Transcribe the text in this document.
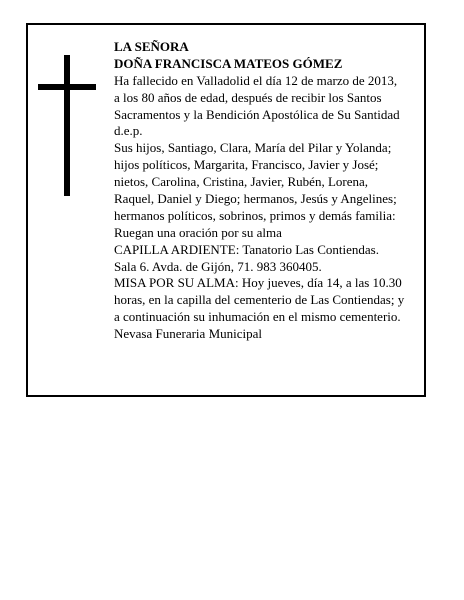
LA SEÑORA
DOÑA FRANCISCA MATEOS GÓMEZ
Ha fallecido en Valladolid el día 12 de marzo de 2013,
a los 80 años de edad, después de recibir los Santos
Sacramentos y la Bendición Apostólica de Su Santidad
d.e.p.
Sus hijos, Santiago, Clara, María del Pilar y Yolanda;
hijos políticos, Margarita, Francisco, Javier y José;
nietos, Carolina, Cristina, Javier, Rubén, Lorena,
Raquel, Daniel y Diego; hermanos, Jesús y Angelines;
hermanos políticos, sobrinos, primos y demás familia:
Ruegan una oración por su alma
CAPILLA ARDIENTE: Tanatorio Las Contiendas.
Sala 6. Avda. de Gijón, 71. 983 360405.
MISA POR SU ALMA: Hoy jueves, día 14, a las 10.30
horas, en la capilla del cementerio de Las Contiendas; y
a continuación su inhumación en el mismo cementerio.
Nevasa Funeraria Municipal
